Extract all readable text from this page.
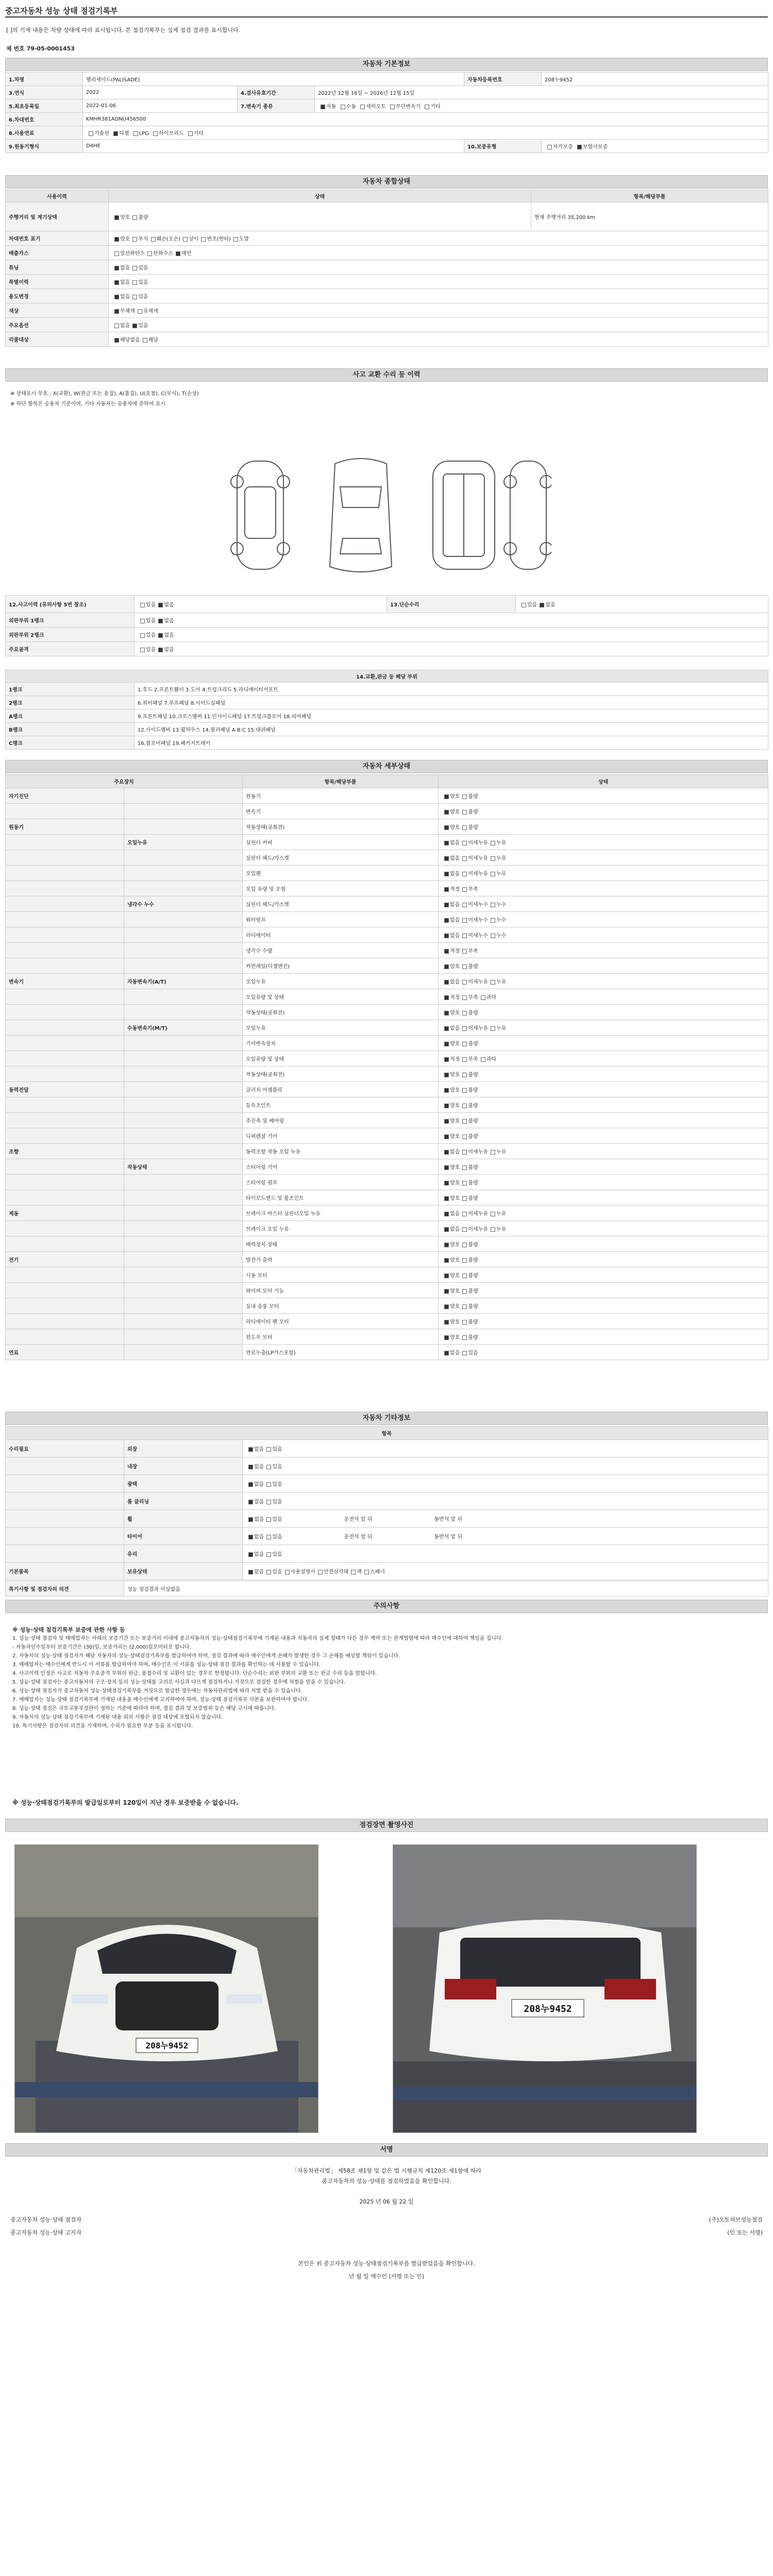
중고자동차 성능 상태 점검기록부
[ ]의 기재 내용은 차량 상태에 따라 표시됩니다. 본 점검기록부는 실제 점검 결과를 표시합니다.
제 번호 79-05-0001453
자동차 기본정보
1.차명	팰리세이드(PALISADE)			자동차등록번호	208누9452
3.연식	2022	4.검사유효기간	2022년 12월 16일 ~ 2026년 12월 15일		
5.최초등록일	2022-01-06	7.변속기 종류	자동 수동 세미오토 무단변속기 기타		
6.차대번호	KMHR381ADNU456500				
8.사용연료	가솔린 디젤 LPG 하이브리드 기타				
9.원동기형식	D4HE			10.보증유형	자가보증 보험사보증
자동차 종합상태
사용이력	상태	항목/해당부품
주행거리 및 계기상태	양호 불량	현재 주행거리 35,200 km
차대번호 표기	양호 부식 훼손(오손) 상이 변조(변타) 도말	
배출가스	일산화탄소 탄화수소 매연	
튜닝	없음 있음	
특별이력	없음 있음	
용도변경	없음 있음	
색상	무채색 유채색	
주요옵션	없음 있음	
리콜대상	해당없음 해당	
사고 교환 수리 등 이력
※ 상태표시 부호 : X(교환), W(판금 또는 용접), A(흠집), U(요철), C(부식), T(손상)
※ 하단 항목은 승용차 기준이며, 기타 자동차는 승용차에 준하여 표시
12.사고이력 (유의사항 5번 참조)	있음 없음	13.단순수리	있음 없음
외판부위 1랭크	있음 없음		
외판부위 2랭크	있음 없음		
주요골격	있음 없음		
14.교환,판금 등 해당 부위	
1랭크	1.후드 2.프론트휀더 3.도어 4.트렁크리드 5.라디에이터서포트
2랭크	6.쿼터패널 7.루프패널 8.사이드실패널
A랭크	9.프론트패널 10.크로스멤버 11.인사이드패널 17.트렁크플로어 18.리어패널
B랭크	12.사이드멤버 13.휠하우스 14.필러패널 A B C 15.대쉬패널
C랭크	16.플로어패널 19.패키지트레이
자동차 세부상태
주요장치		항목/해당부품	상태
자기진단		원동기	양호 불량
		변속기	양호 불량
원동기		작동상태(공회전)	양호 불량
	오일누유	실린더 커버	없음 미세누유 누유
		실린더 헤드/가스켓	없음 미세누유 누유
		오일팬	없음 미세누유 누유
		오일 유량 및 오염	적정 부족
	냉각수 누수	실린더 헤드/가스켓	없음 미세누수 누수
		워터펌프	없음 미세누수 누수
		라디에이터	없음 미세누수 누수
		냉각수 수량	적정 부족
		커먼레일(디젤엔진)	양호 불량
변속기	자동변속기(A/T)	오일누유	없음 미세누유 누유
		오일유량 및 상태	적정 부족 과다
		작동상태(공회전)	양호 불량
	수동변속기(M/T)	오일누유	없음 미세누유 누유
		기어변속장치	양호 불량
		오일유량 및 상태	적정 부족 과다
		작동상태(공회전)	양호 불량
동력전달		클러치 어셈블리	양호 불량
		등속조인트	양호 불량
		추진축 및 베어링	양호 불량
		디퍼렌셜 기어	양호 불량
조향		동력조향 작동 오일 누유	없음 미세누유 누유
	작동상태	스티어링 기어	양호 불량
		스티어링 펌프	양호 불량
		타이로드엔드 및 볼조인트	양호 불량
제동		브레이크 마스터 실린더오일 누유	없음 미세누유 누유
		브레이크 오일 누유	없음 미세누유 누유
		배력장치 상태	양호 불량
전기		발전기 출력	양호 불량
		시동 모터	양호 불량
		와이퍼 모터 기능	양호 불량
		실내 송풍 모터	양호 불량
		라디에이터 팬 모터	양호 불량
		윈도우 모터	양호 불량
연료		연료누출(LP가스포함)	없음 있음
자동차 기타정보
항목		
수리필요	외장	없음 있음
	내장	없음 있음
	광택	없음 있음
	룸 클리닝	없음 있음
	휠	없음 있음 운전석 앞 뒤 동반석 앞 뒤
	타이어	없음 있음 운전석 앞 뒤 동반석 앞 뒤
	유리	없음 있음
기본품목	보유상태	없음 있음 사용설명서 안전삼각대 잭 스패너
특기사항 및 점검자의 의견	성능 점검결과 이상없음
주의사항

※ 성능·상태 점검기록부 보증에 관한 사항 등

1. 성능·상태 점검자 및 매매업자는 아래의 보증기간 또는 보증거리 이내에 중고자동차의 성능·상태점검기록부에 기재된 내용과 자동차의 실제 상태가 다른 경우 계약 또는 관계법령에 따라 매수인에 대하여 책임을 집니다.

- 자동차인수일부터 보증기간은 (30)일, 보증거리는 (2,000)킬로미터로 합니다.

2. 자동차의 성능·상태 점검자가 해당 자동차의 성능·상태점검기록부를 발급하여야 하며, 점검 결과에 따라 매수인에게 손해가 발생한 경우 그 손해를 배상할 책임이 있습니다.

3. 매매업자는 매수인에게 반드시 이 서류를 발급하여야 하며, 매수인은 이 서류를 성능·상태 점검 결과를 확인하는 데 사용할 수 있습니다.

4. 사고이력 인정은 사고로 자동차 주요골격 부위의 판금, 용접수리 및 교환이 있는 경우로 한정합니다. 단순수리는 외판 부위의 교환 또는 판금 수리 등을 말합니다.

5. 성능·상태 점검자는 중고자동차의 구조·장치 등의 성능·상태를 고의로 사실과 다르게 점검하거나 거짓으로 점검한 경우에 처벌을 받을 수 있습니다.

6. 성능·상태 점검자가 중고자동차 성능·상태점검기록부를 거짓으로 발급한 경우에는 자동차관리법에 따라 처벌 받을 수 있습니다.

7. 매매업자는 성능·상태 점검기록부에 기재된 내용을 매수인에게 고지하여야 하며, 성능·상태 점검기록부 사본을 보관하여야 합니다.

8. 성능·상태 점검은 국토교통부장관이 정하는 기준에 따라야 하며, 점검 결과 및 보증범위 등은 해당 고시에 따릅니다.

9. 자동차의 성능·상태 점검기록부에 기재된 내용 외의 사항은 점검 대상에 포함되지 않습니다.

10. 특기사항은 점검자의 의견을 기재하며, 수리가 필요한 부분 등을 표시합니다.

※ 성능·상태점검기록부의 발급일로부터 120일이 지난 경우 보증받을 수 없습니다.
점검장면 촬영사진
208누9452
208누9452
서명
「자동차관리법」 제58조 제1항 및 같은 법 시행규칙 제120조 제1항에 따라
중고자동차의 성능·상태를 점검하였음을 확인합니다.
2025 년 06 월 22 일
중고자동차 성능·상태 점검자	(주)오토허브성능점검
중고자동차 성능·상태 고지자	(인 또는 서명)
본인은 위 중고자동차 성능·상태점검기록부를 발급받았음을 확인합니다.
년 월 일 매수인 (서명 또는 인)
